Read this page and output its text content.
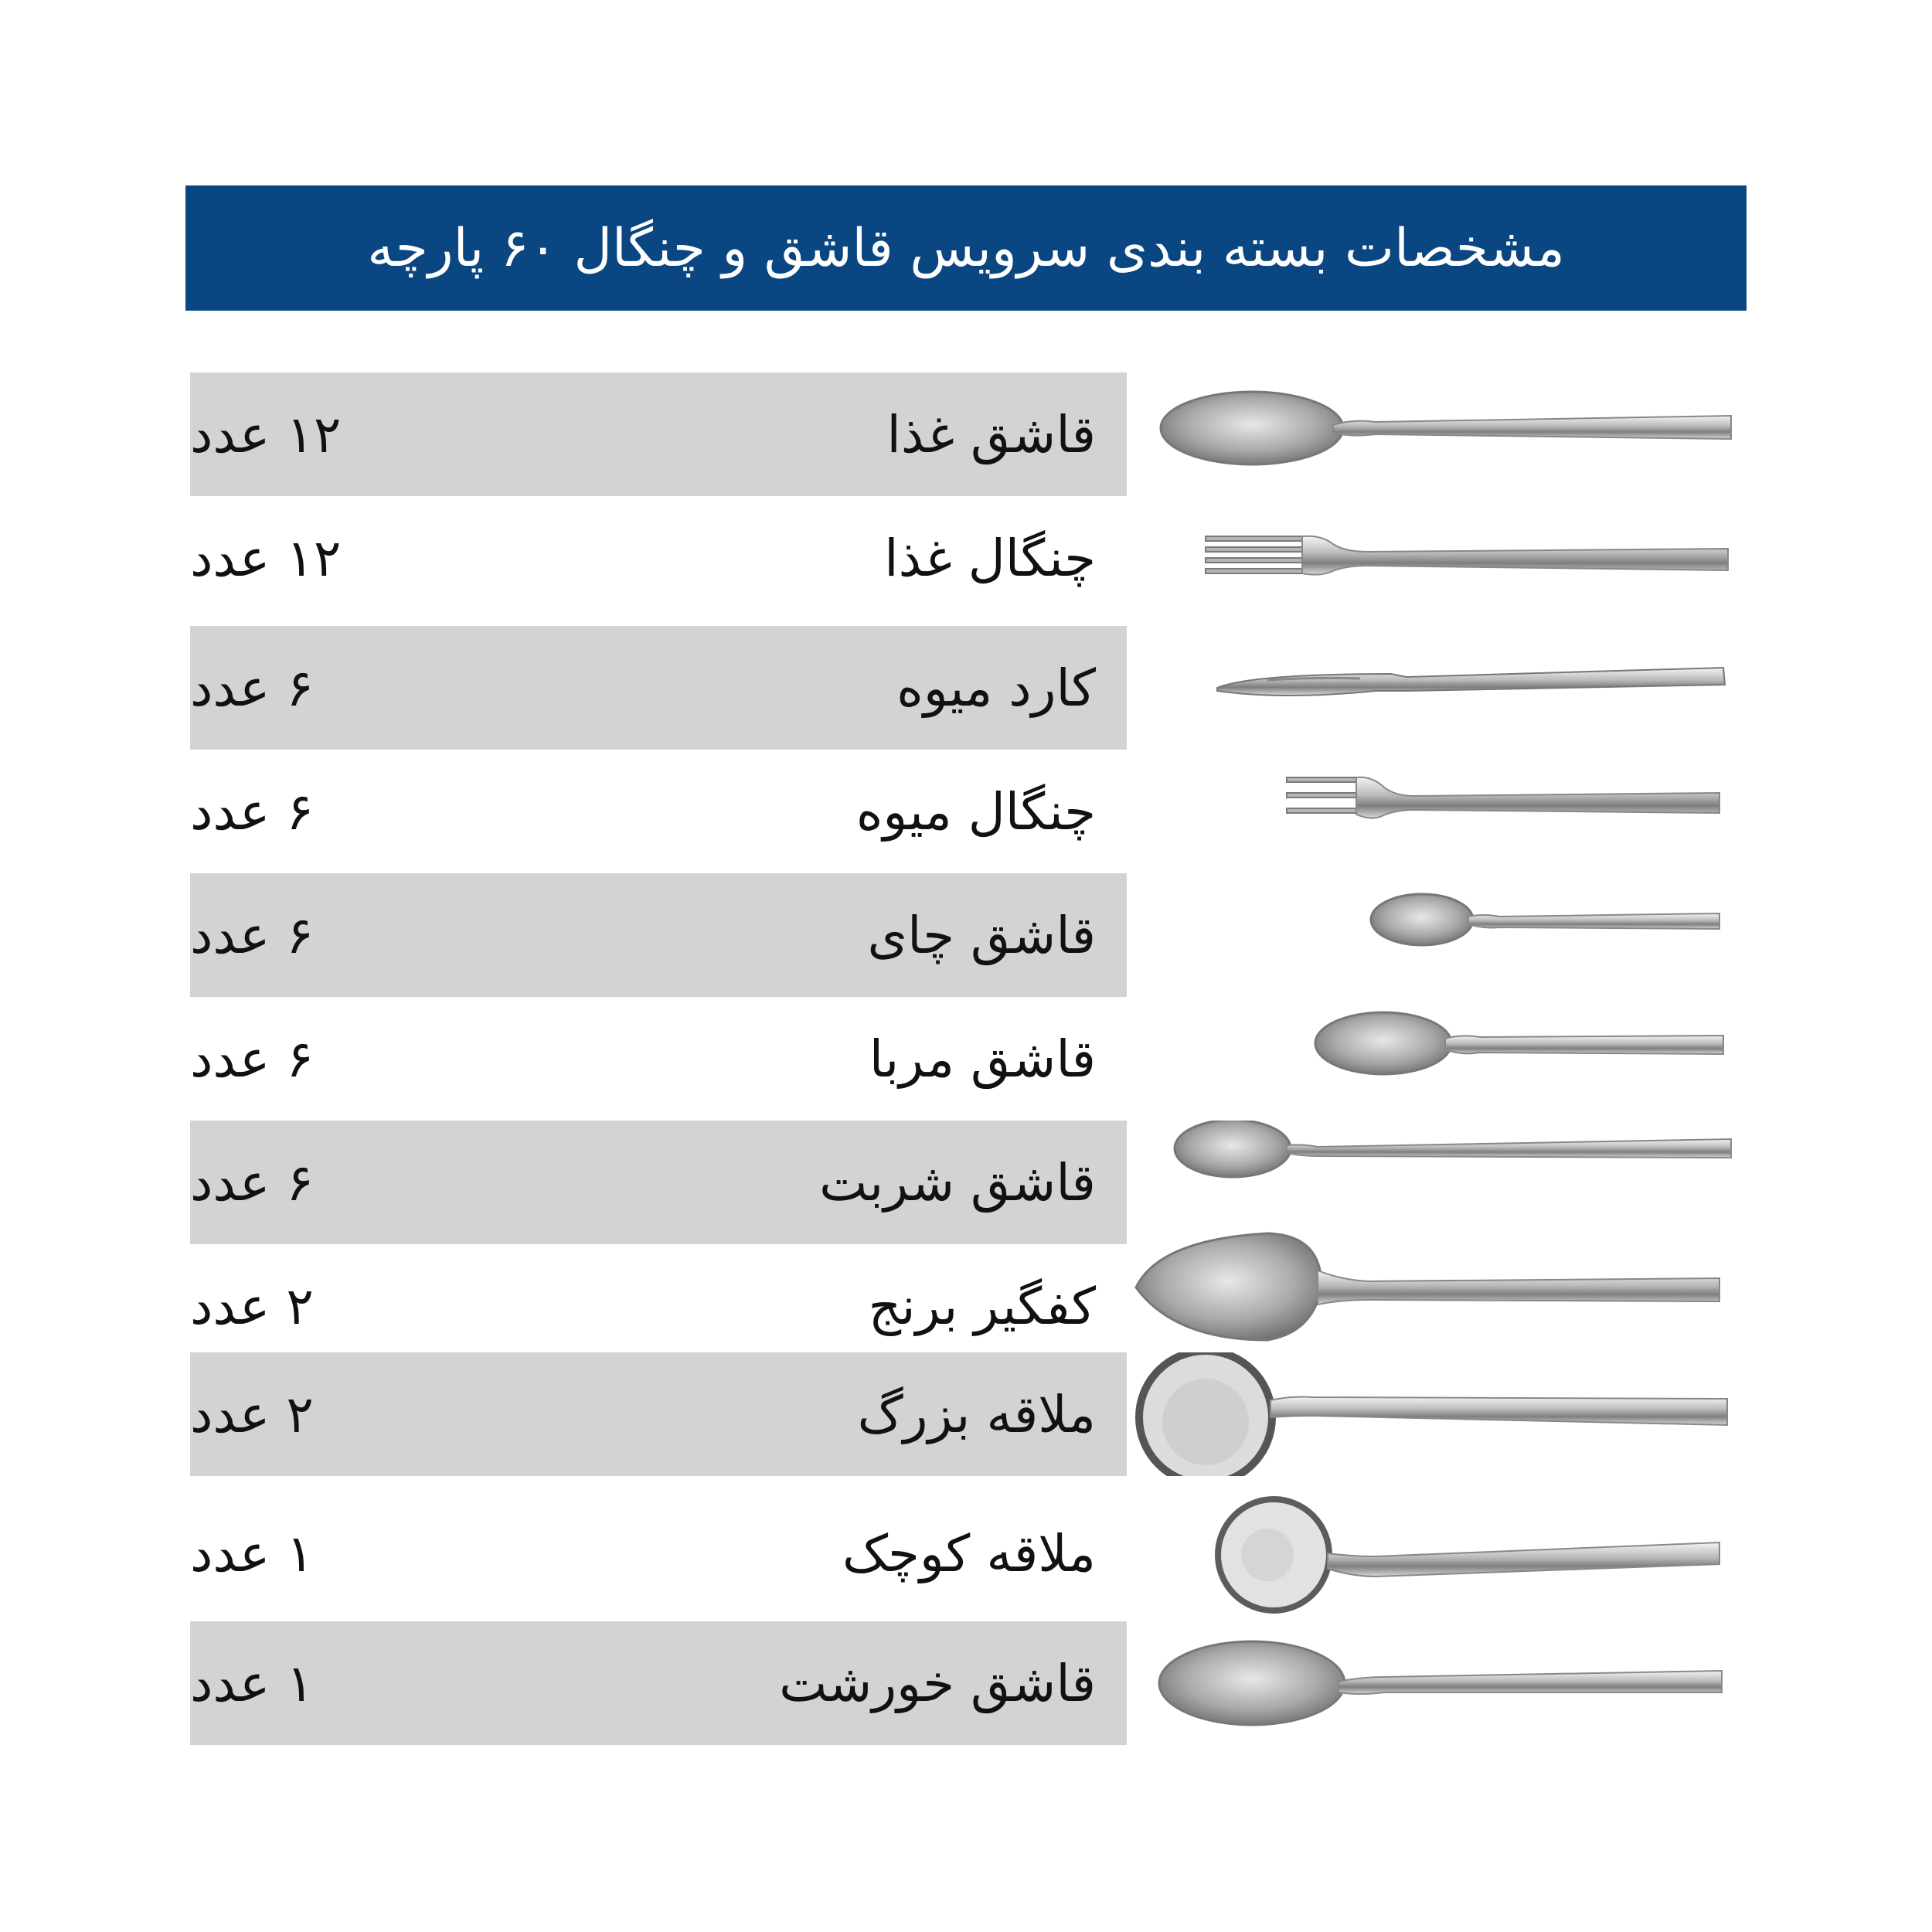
مشخصات بسته بندی سرویس قاشق و چنگال ۶۰ پارچه
قاشق غذا
۱۲ عدد
چنگال غذا
۱۲ عدد
کارد میوه
۶ عدد
چنگال میوه
۶ عدد
قاشق چای
۶ عدد
قاشق مربا
۶ عدد
قاشق شربت
۶ عدد
کفگیر برنج
۲ عدد
ملاقه بزرگ
۲ عدد
ملاقه کوچک
۱ عدد
قاشق خورشت
۱ عدد
